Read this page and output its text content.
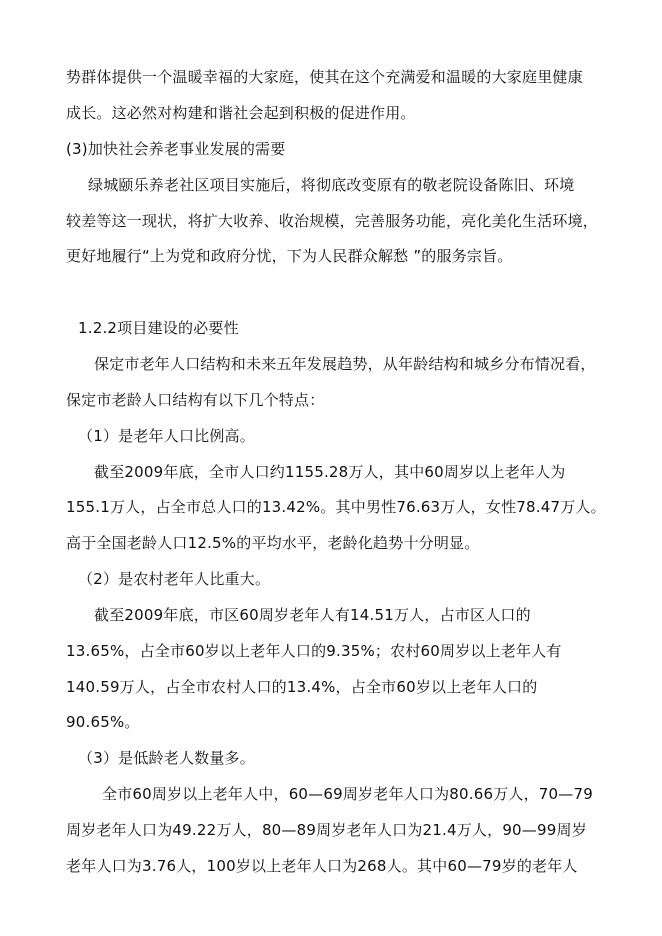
势群体提供一个温暖幸福的大家庭，使其在这个充满爱和温暖的大家庭里健康
成长。这必然对构建和谐社会起到积极的促进作用。
(3)加快社会养老事业发展的需要
绿城颐乐养老社区项目实施后，将彻底改变原有的敬老院设备陈旧、环境
较差等这一现状，将扩大收养、收治规模，完善服务功能，亮化美化生活环境，
更好地履行“上为党和政府分忧，下为人民群众解愁 ”的服务宗旨。
1.2.2项目建设的必要性
保定市老年人口结构和未来五年发展趋势，从年龄结构和城乡分布情况看，
保定市老龄人口结构有以下几个特点：
（1）是老年人口比例高。
截至2009年底，全市人口约1155.28万人，其中60周岁以上老年人为
155.1万人，占全市总人口的13.42%。其中男性76.63万人，女性78.47万人。
高于全国老龄人口12.5%的平均水平，老龄化趋势十分明显。
（2）是农村老年人比重大。
截至2009年底，市区60周岁老年人有14.51万人，占市区人口的
13.65%，占全市60岁以上老年人口的9.35%；农村60周岁以上老年人有
140.59万人，占全市农村人口的13.4%，占全市60岁以上老年人口的
90.65%。
（3）是低龄老人数量多。
全市60周岁以上老年人中，60—69周岁老年人口为80.66万人，70—79
周岁老年人口为49.22万人，80—89周岁老年人口为21.4万人，90—99周岁
老年人口为3.76人，100岁以上老年人口为268人。其中60—79岁的老年人
